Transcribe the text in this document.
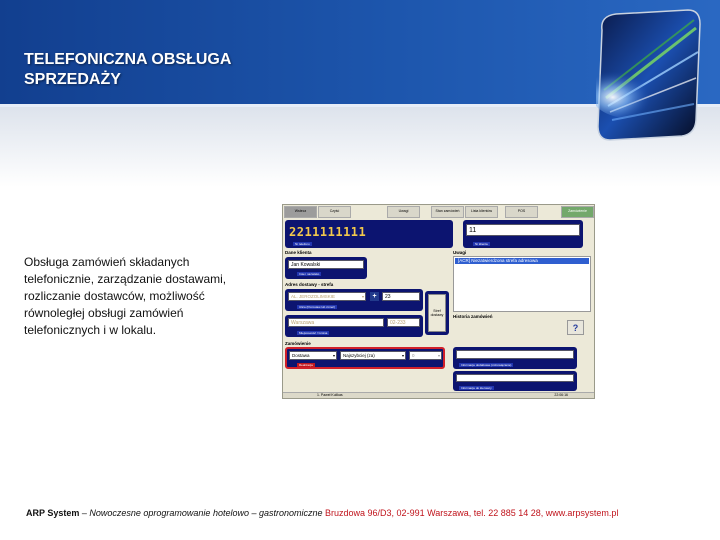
TELEFONICZNA OBSŁUGA
SPRZEDAŻY
Obsługa zamówień składanych
telefonicznie, zarządzanie dostawami,
rozliczanie dostawców, możliwość
równoległej obsługi zamówień
telefonicznych i w lokalu.
Wstecz	Czyść	Uwagi	Stan zamówień	Lista klientów	POS	Zamówienie
2211111111
Nr telefonu
11
Nr klienta
Dane klienta
Jan Kowalski
Imie i nazwisko
Adres dostawy - strefa
AL. JEROZOLIMSKIE ▾	+	23
Ulica (Pozostaw lub zmień)
Warszawa	02-233
Miejscowość / Gmina
Stref dostawy
Uwagi
[ACR] Niezatwierdzona strefa adresowa
Historia zamówień
?
Zamówienie
Dostawa ▾	Najszybciej (za) ▾	0 ▾
Realizacja	Informacje dodatkowe (zobowiązanie)
Informacje do kierowcy
1. Paweł Kulikas	22:06:16
ARP System – Nowoczesne oprogramowanie hotelowo – gastronomiczne Bruzdowa 96/D3, 02-991 Warszawa, tel. 22 885 14 28, www.arpsystem.pl
